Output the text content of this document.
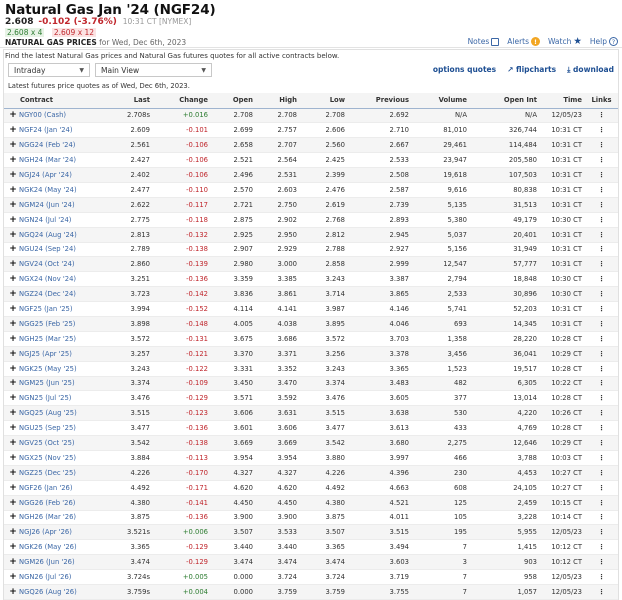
Natural Gas Jan '24 (NGF24)
2.608 -0.102 (-3.76%) 10:31 CT [NYMEX]
2.608 x 4 2.609 x 12
NATURAL GAS PRICES for Wed, Dec 6th, 2023	Notes Alerts !	Watch ★ Help ?
Find the latest Natural Gas prices and Natural Gas futures quotes for all active contracts below.
Intraday	▼ Main View	▼	options quotes ↗ flipcharts ⤓ download
Latest futures price quotes as of Wed, Dec 6th, 2023.
Contract	Last	Change	Open	High	Low	Previous	Volume	Open Int	Time	Links
+ NGY00 (Cash)	2.708s	+0.016	2.708	2.708	2.708	2.692	N/A	N/A	12/05/23	⋮
+ NGF24 (Jan '24)	2.609	-0.101	2.699	2.757	2.606	2.710	81,010	326,744	10:31 CT	⋮
+ NGG24 (Feb '24)	2.561	-0.106	2.658	2.707	2.560	2.667	29,461	114,484	10:31 CT	⋮
+ NGH24 (Mar '24)	2.427	-0.106	2.521	2.564	2.425	2.533	23,947	205,580	10:31 CT	⋮
+ NGJ24 (Apr '24)	2.402	-0.106	2.496	2.531	2.399	2.508	19,618	107,503	10:31 CT	⋮
+ NGK24 (May '24)	2.477	-0.110	2.570	2.603	2.476	2.587	9,616	80,838	10:31 CT	⋮
+ NGM24 (Jun '24)	2.622	-0.117	2.721	2.750	2.619	2.739	5,135	31,513	10:31 CT	⋮
+ NGN24 (Jul '24)	2.775	-0.118	2.875	2.902	2.768	2.893	5,380	49,179	10:30 CT	⋮
+ NGQ24 (Aug '24)	2.813	-0.132	2.925	2.950	2.812	2.945	5,037	20,401	10:31 CT	⋮
+ NGU24 (Sep '24)	2.789	-0.138	2.907	2.929	2.788	2.927	5,156	31,949	10:31 CT	⋮
+ NGV24 (Oct '24)	2.860	-0.139	2.980	3.000	2.858	2.999	12,547	57,777	10:31 CT	⋮
+ NGX24 (Nov '24)	3.251	-0.136	3.359	3.385	3.243	3.387	2,794	18,848	10:30 CT	⋮
+ NGZ24 (Dec '24)	3.723	-0.142	3.836	3.861	3.714	3.865	2,533	30,896	10:30 CT	⋮
+ NGF25 (Jan '25)	3.994	-0.152	4.114	4.141	3.987	4.146	5,741	52,203	10:31 CT	⋮
+ NGG25 (Feb '25)	3.898	-0.148	4.005	4.038	3.895	4.046	693	14,345	10:31 CT	⋮
+ NGH25 (Mar '25)	3.572	-0.131	3.675	3.686	3.572	3.703	1,358	28,220	10:28 CT	⋮
+ NGJ25 (Apr '25)	3.257	-0.121	3.370	3.371	3.256	3.378	3,456	36,041	10:29 CT	⋮
+ NGK25 (May '25)	3.243	-0.122	3.331	3.352	3.243	3.365	1,523	19,517	10:28 CT	⋮
+ NGM25 (Jun '25)	3.374	-0.109	3.450	3.470	3.374	3.483	482	6,305	10:22 CT	⋮
+ NGN25 (Jul '25)	3.476	-0.129	3.571	3.592	3.476	3.605	377	13,014	10:28 CT	⋮
+ NGQ25 (Aug '25)	3.515	-0.123	3.606	3.631	3.515	3.638	530	4,220	10:26 CT	⋮
+ NGU25 (Sep '25)	3.477	-0.136	3.601	3.606	3.477	3.613	433	4,769	10:28 CT	⋮
+ NGV25 (Oct '25)	3.542	-0.138	3.669	3.669	3.542	3.680	2,275	12,646	10:29 CT	⋮
+ NGX25 (Nov '25)	3.884	-0.113	3.954	3.954	3.880	3.997	466	3,788	10:03 CT	⋮
+ NGZ25 (Dec '25)	4.226	-0.170	4.327	4.327	4.226	4.396	230	4,453	10:27 CT	⋮
+ NGF26 (Jan '26)	4.492	-0.171	4.620	4.620	4.492	4.663	608	24,105	10:27 CT	⋮
+ NGG26 (Feb '26)	4.380	-0.141	4.450	4.450	4.380	4.521	125	2,459	10:15 CT	⋮
+ NGH26 (Mar '26)	3.875	-0.136	3.900	3.900	3.875	4.011	105	3,228	10:14 CT	⋮
+ NGJ26 (Apr '26)	3.521s	+0.006	3.507	3.533	3.507	3.515	195	5,955	12/05/23	⋮
+ NGK26 (May '26)	3.365	-0.129	3.440	3.440	3.365	3.494	7	1,415	10:12 CT	⋮
+ NGM26 (Jun '26)	3.474	-0.129	3.474	3.474	3.474	3.603	3	903	10:12 CT	⋮
+ NGN26 (Jul '26)	3.724s	+0.005	0.000	3.724	3.724	3.719	7	958	12/05/23	⋮
+ NGQ26 (Aug '26)	3.759s	+0.004	0.000	3.759	3.759	3.755	7	1,057	12/05/23	⋮
